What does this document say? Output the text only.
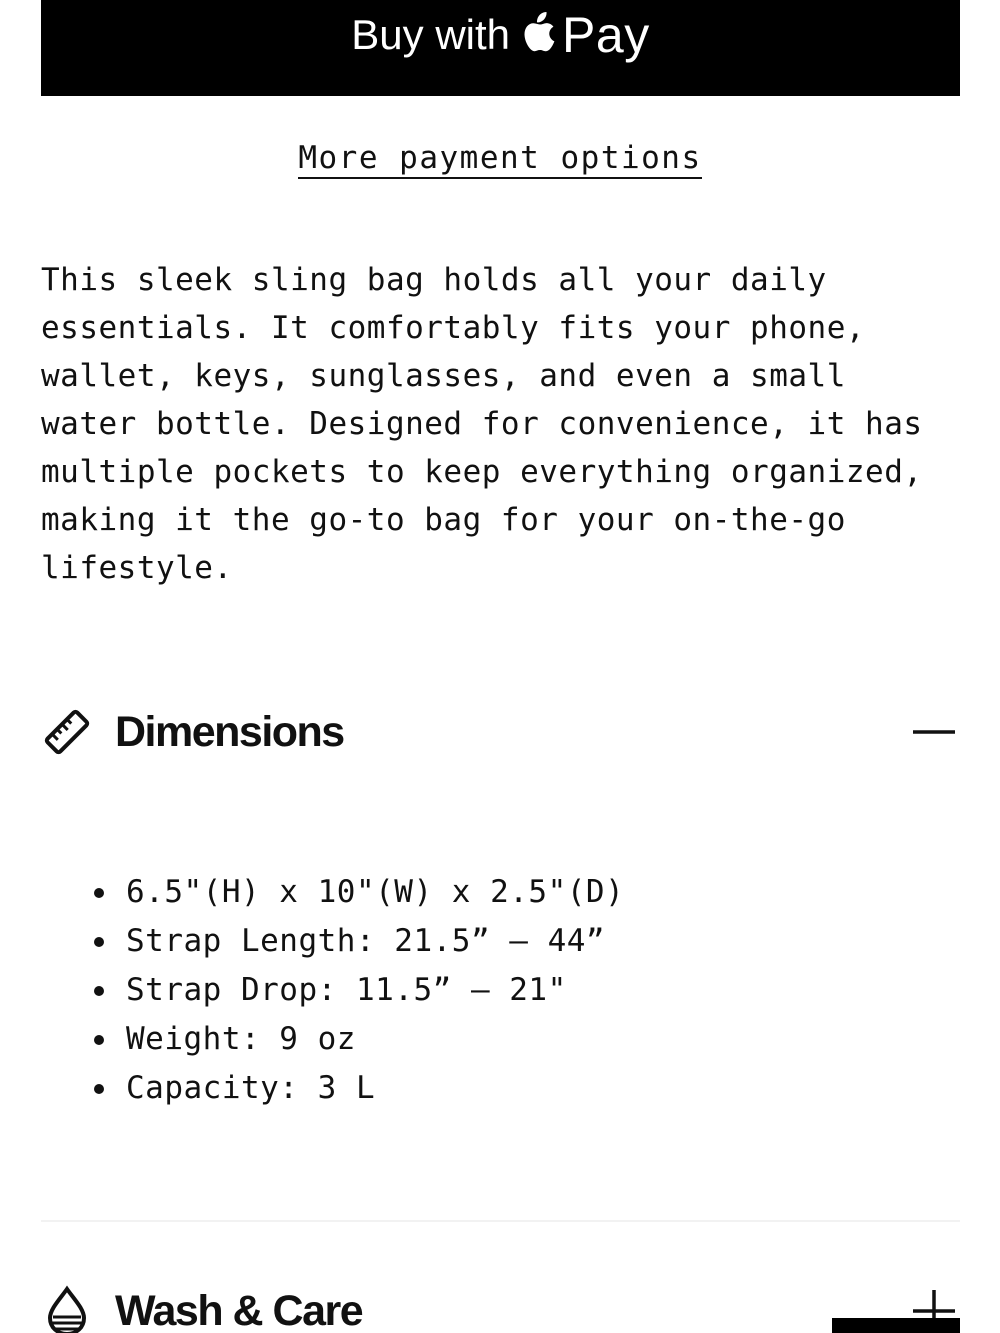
Buy with Pay
More payment options

This sleek sling bag holds all your daily
essentials. It comfortably fits your phone,
wallet, keys, sunglasses, and even a small
water bottle. Designed for convenience, it has
multiple pockets to keep everything organized,
making it the go-to bag for your on-the-go
lifestyle.

Dimensions
6.5"(H) x 10"(W) x 2.5"(D)
Strap Length: 21.5” – 44”
Strap Drop: 11.5” – 21"
Weight: 9 oz
Capacity: 3 L
Wash & Care
